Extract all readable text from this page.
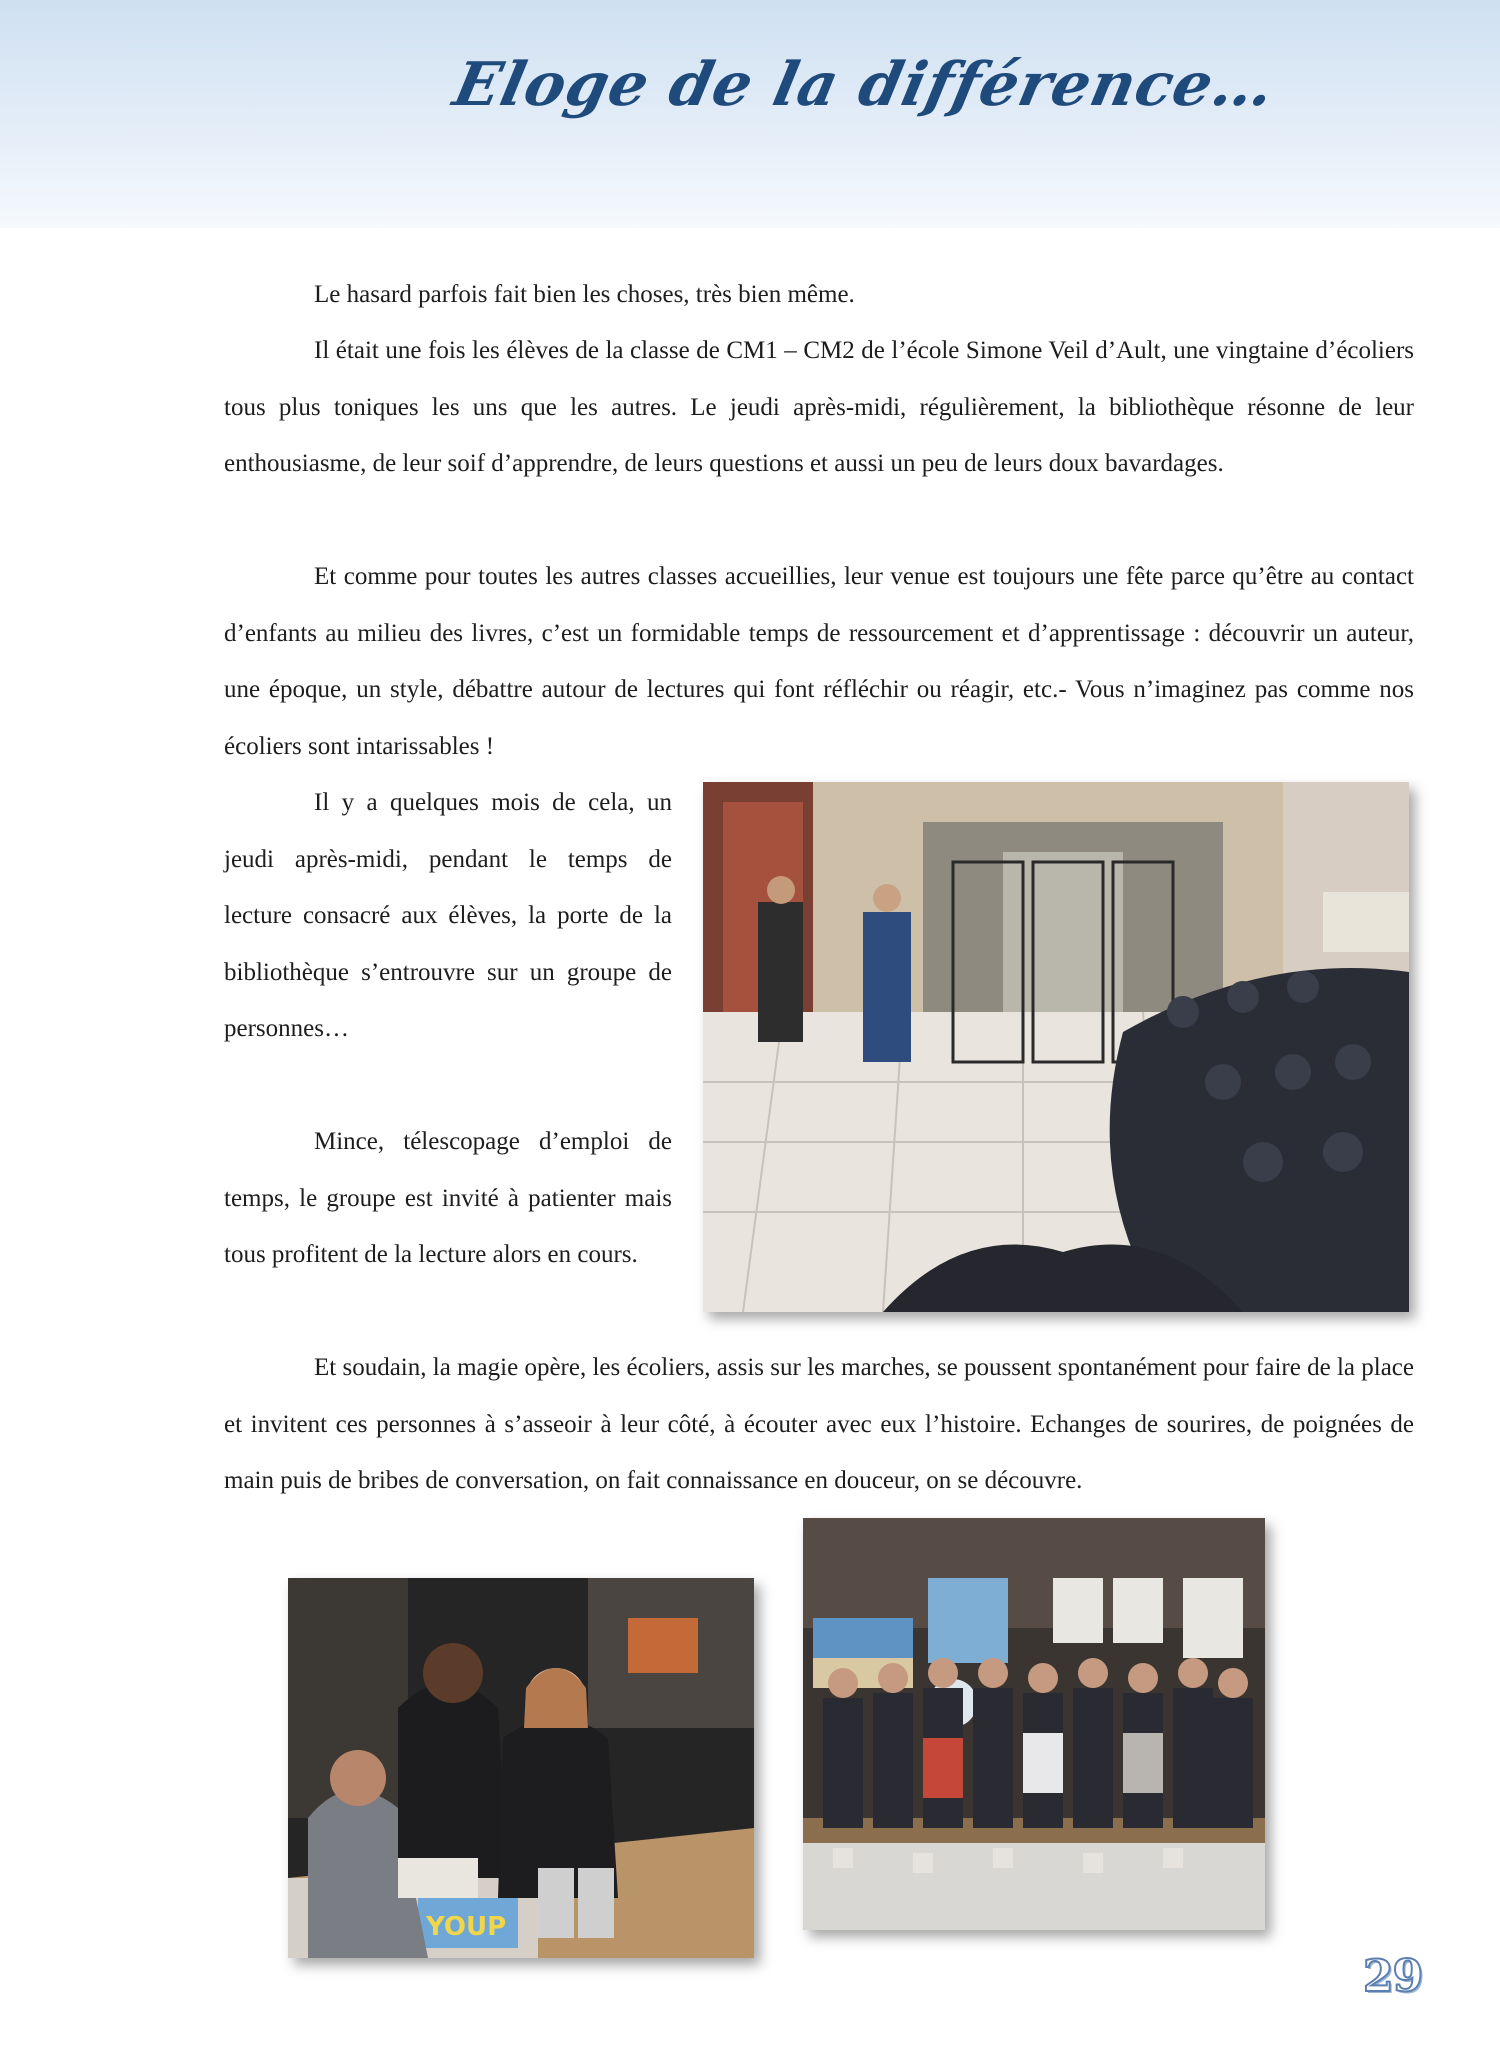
Eloge de la différence…

Le hasard parfois fait bien les choses, très bien même.

Il était une fois les élèves de la classe de CM1 – CM2 de l’école Simone Veil d’Ault, une vingtaine d’écoliers tous plus toniques les uns que les autres. Le jeudi après-midi, régulièrement, la bibliothèque résonne de leur enthousiasme, de leur soif d’apprendre, de leurs questions et aussi un peu de leurs doux bavardages.

Et comme pour toutes les autres classes accueillies, leur venue est toujours une fête parce qu’être au contact d’enfants au milieu des livres, c’est un formidable temps de ressourcement et d’apprentissage : découvrir un auteur, une époque, un style, débattre autour de lectures qui font réfléchir ou réagir, etc.- Vous n’imaginez pas comme nos écoliers sont intarissables !

Il y a quelques mois de cela, un jeudi après-midi, pendant le temps de lecture consacré aux élèves, la porte de la bibliothèque s’entrouvre sur un groupe de personnes…

Mince, télescopage d’emploi de temps, le groupe est invité à patienter mais tous profitent de la lecture alors en cours.

Et soudain, la magie opère, les écoliers, assis sur les marches, se poussent spontanément pour faire de la place et invitent ces personnes à s’asseoir à leur côté, à écouter avec eux l’histoire. Echanges de sourires, de poignées de main puis de bribes de conversation, on fait connaissance en douceur, on se découvre.

YOUP
29
